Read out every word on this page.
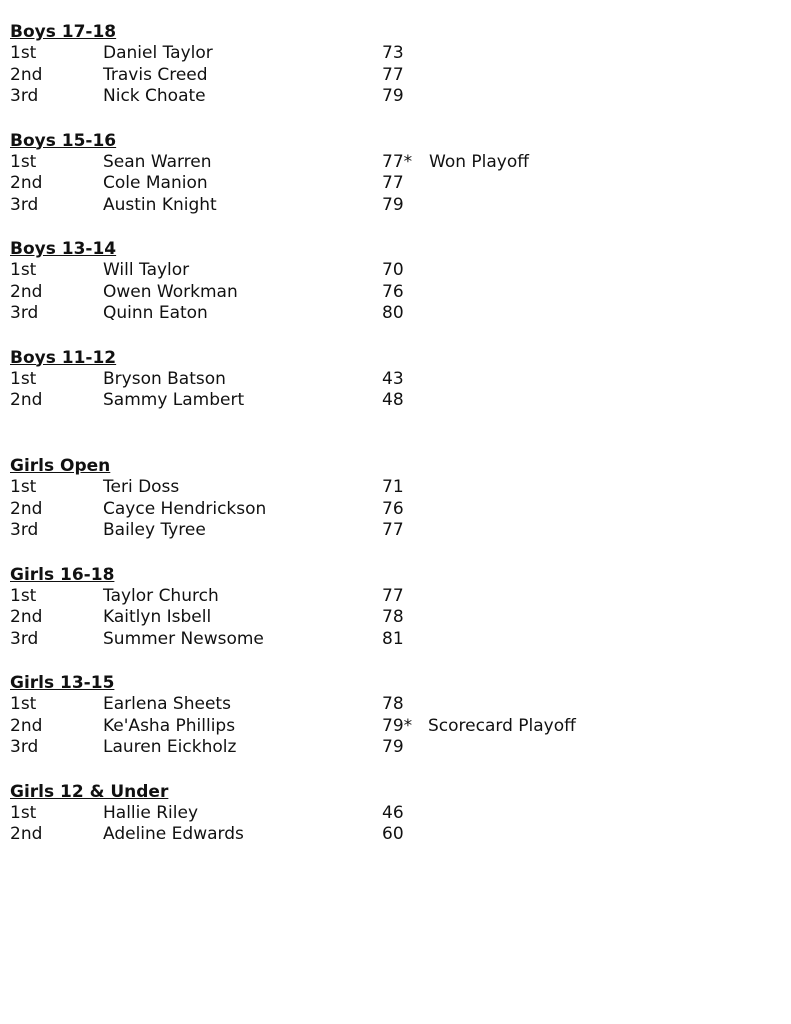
Boys 17-18
1st	Daniel Taylor	73
2nd	Travis Creed	77
3rd	Nick Choate	79
Boys 15-16
1st	Sean Warren	77* Won Playoff
2nd	Cole Manion	77
3rd	Austin Knight	79
Boys 13-14
1st	Will Taylor	70
2nd	Owen Workman	76
3rd	Quinn Eaton	80
Boys 11-12
1st	Bryson Batson	43
2nd	Sammy Lambert	48
Girls Open
1st	Teri Doss	71
2nd	Cayce Hendrickson	76
3rd	Bailey Tyree	77
Girls 16-18
1st	Taylor Church	77
2nd	Kaitlyn Isbell	78
3rd	Summer Newsome	81
Girls 13-15
1st	Earlena Sheets	78
2nd	Ke'Asha Phillips	79* Scorecard Playoff
3rd	Lauren Eickholz	79
Girls 12 & Under
1st	Hallie Riley	46
2nd	Adeline Edwards	60
